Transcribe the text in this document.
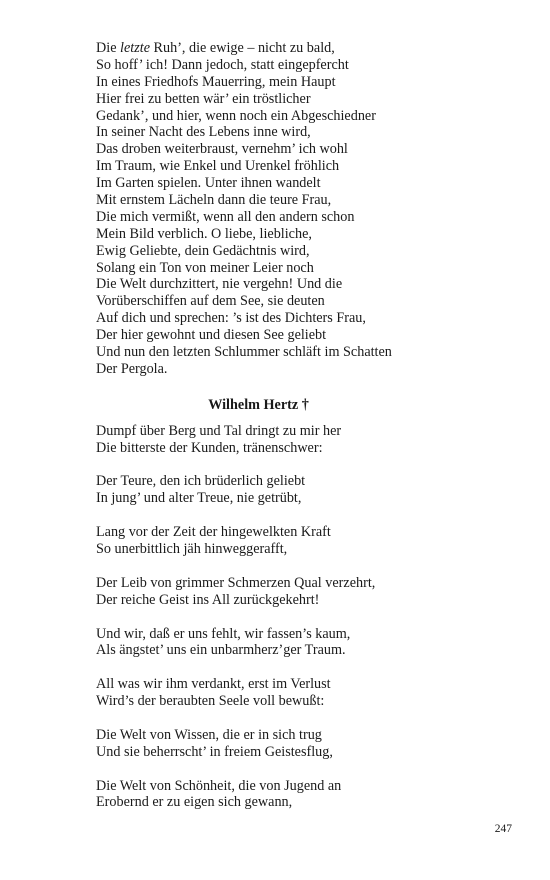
Die letzte Ruh’, die ewige – nicht zu bald,
So hoff’ ich! Dann jedoch, statt eingepfercht
In eines Friedhofs Mauerring, mein Haupt
Hier frei zu betten wär’ ein tröstlicher
Gedank’, und hier, wenn noch ein Abgeschiedner
In seiner Nacht des Lebens inne wird,
Das droben weiterbraust, vernehm’ ich wohl
Im Traum, wie Enkel und Urenkel fröhlich
Im Garten spielen. Unter ihnen wandelt
Mit ernstem Lächeln dann die teure Frau,
Die mich vermißt, wenn all den andern schon
Mein Bild verblich. O liebe, liebliche,
Ewig Geliebte, dein Gedächtnis wird,
Solang ein Ton von meiner Leier noch
Die Welt durchzittert, nie vergehn! Und die
Vorüberschiffen auf dem See, sie deuten
Auf dich und sprechen: ’s ist des Dichters Frau,
Der hier gewohnt und diesen See geliebt
Und nun den letzten Schlummer schläft im Schatten
Der Pergola.
Wilhelm Hertz †
Dumpf über Berg und Tal dringt zu mir her
Die bitterste der Kunden, tränenschwer:
Der Teure, den ich brüderlich geliebt
In jung’ und alter Treue, nie getrübt,
Lang vor der Zeit der hingewelkten Kraft
So unerbittlich jäh hinweggerafft,
Der Leib von grimmer Schmerzen Qual verzehrt,
Der reiche Geist ins All zurückgekehrt!
Und wir, daß er uns fehlt, wir fassen’s kaum,
Als ängstet’ uns ein unbarmherz’ger Traum.
All was wir ihm verdankt, erst im Verlust
Wird’s der beraubten Seele voll bewußt:
Die Welt von Wissen, die er in sich trug
Und sie beherrscht’ in freiem Geistesflug,
Die Welt von Schönheit, die von Jugend an
Erobernd er zu eigen sich gewann,
247
